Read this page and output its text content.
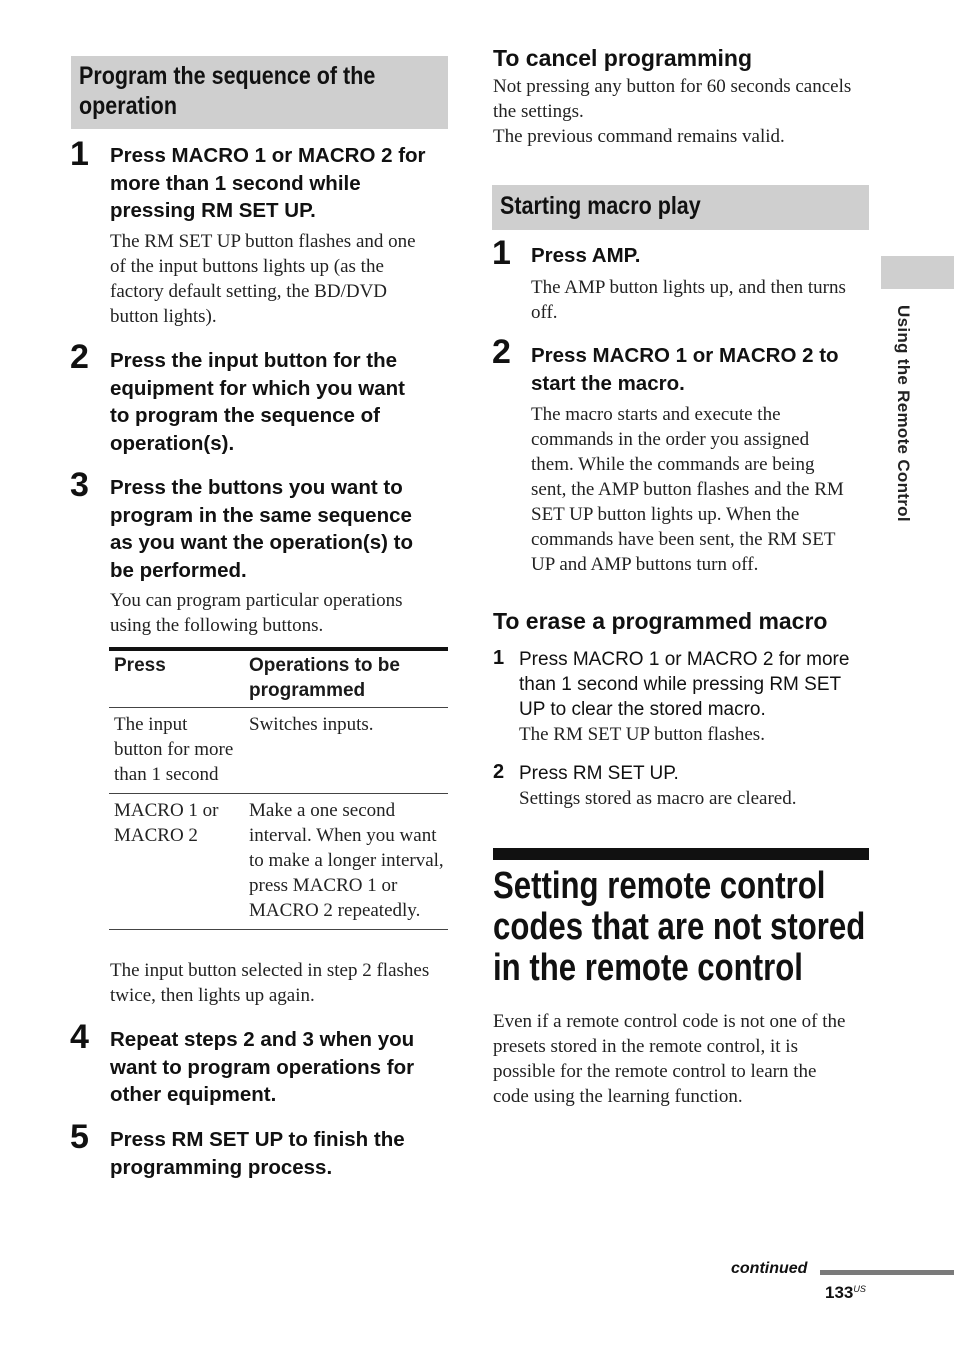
Program the sequence of the
operation
1 Press MACRO 1 or MACRO 2 for
more than 1 second while
pressing RM SET UP.
The RM SET UP button flashes and one
of the input buttons lights up (as the
factory default setting, the BD/DVD
button lights).
2 Press the input button for the
equipment for which you want
to program the sequence of
operation(s).
3 Press the buttons you want to
program in the same sequence
as you want the operation(s) to
be performed.
You can program particular operations
using the following buttons.
Press	Operations to be programmed
The input button for more than 1 second	Switches inputs.
MACRO 1 or MACRO 2	Make a one second interval. When you want to make a longer interval, press MACRO 1 or MACRO 2 repeatedly.
The input button selected in step 2 flashes
twice, then lights up again.
4 Repeat steps 2 and 3 when you
want to program operations for
other equipment.
5 Press RM SET UP to finish the
programming process.
To cancel programming
Not pressing any button for 60 seconds cancels
the settings.
The previous command remains valid.
Starting macro play
1 Press AMP.
The AMP button lights up, and then turns
off.
2 Press MACRO 1 or MACRO 2 to
start the macro.
The macro starts and execute the
commands in the order you assigned
them. While the commands are being
sent, the AMP button flashes and the RM
SET UP button lights up. When the
commands have been sent, the RM SET
UP and AMP buttons turn off.
To erase a programmed macro
1 Press MACRO 1 or MACRO 2 for more
than 1 second while pressing RM SET
UP to clear the stored macro.
The RM SET UP button flashes.
2 Press RM SET UP.
Settings stored as macro are cleared.
Setting remote control
codes that are not stored
in the remote control
Even if a remote control code is not one of the
presets stored in the remote control, it is
possible for the remote control to learn the
code using the learning function.
Using the Remote Control
continued
$133^{US}$
